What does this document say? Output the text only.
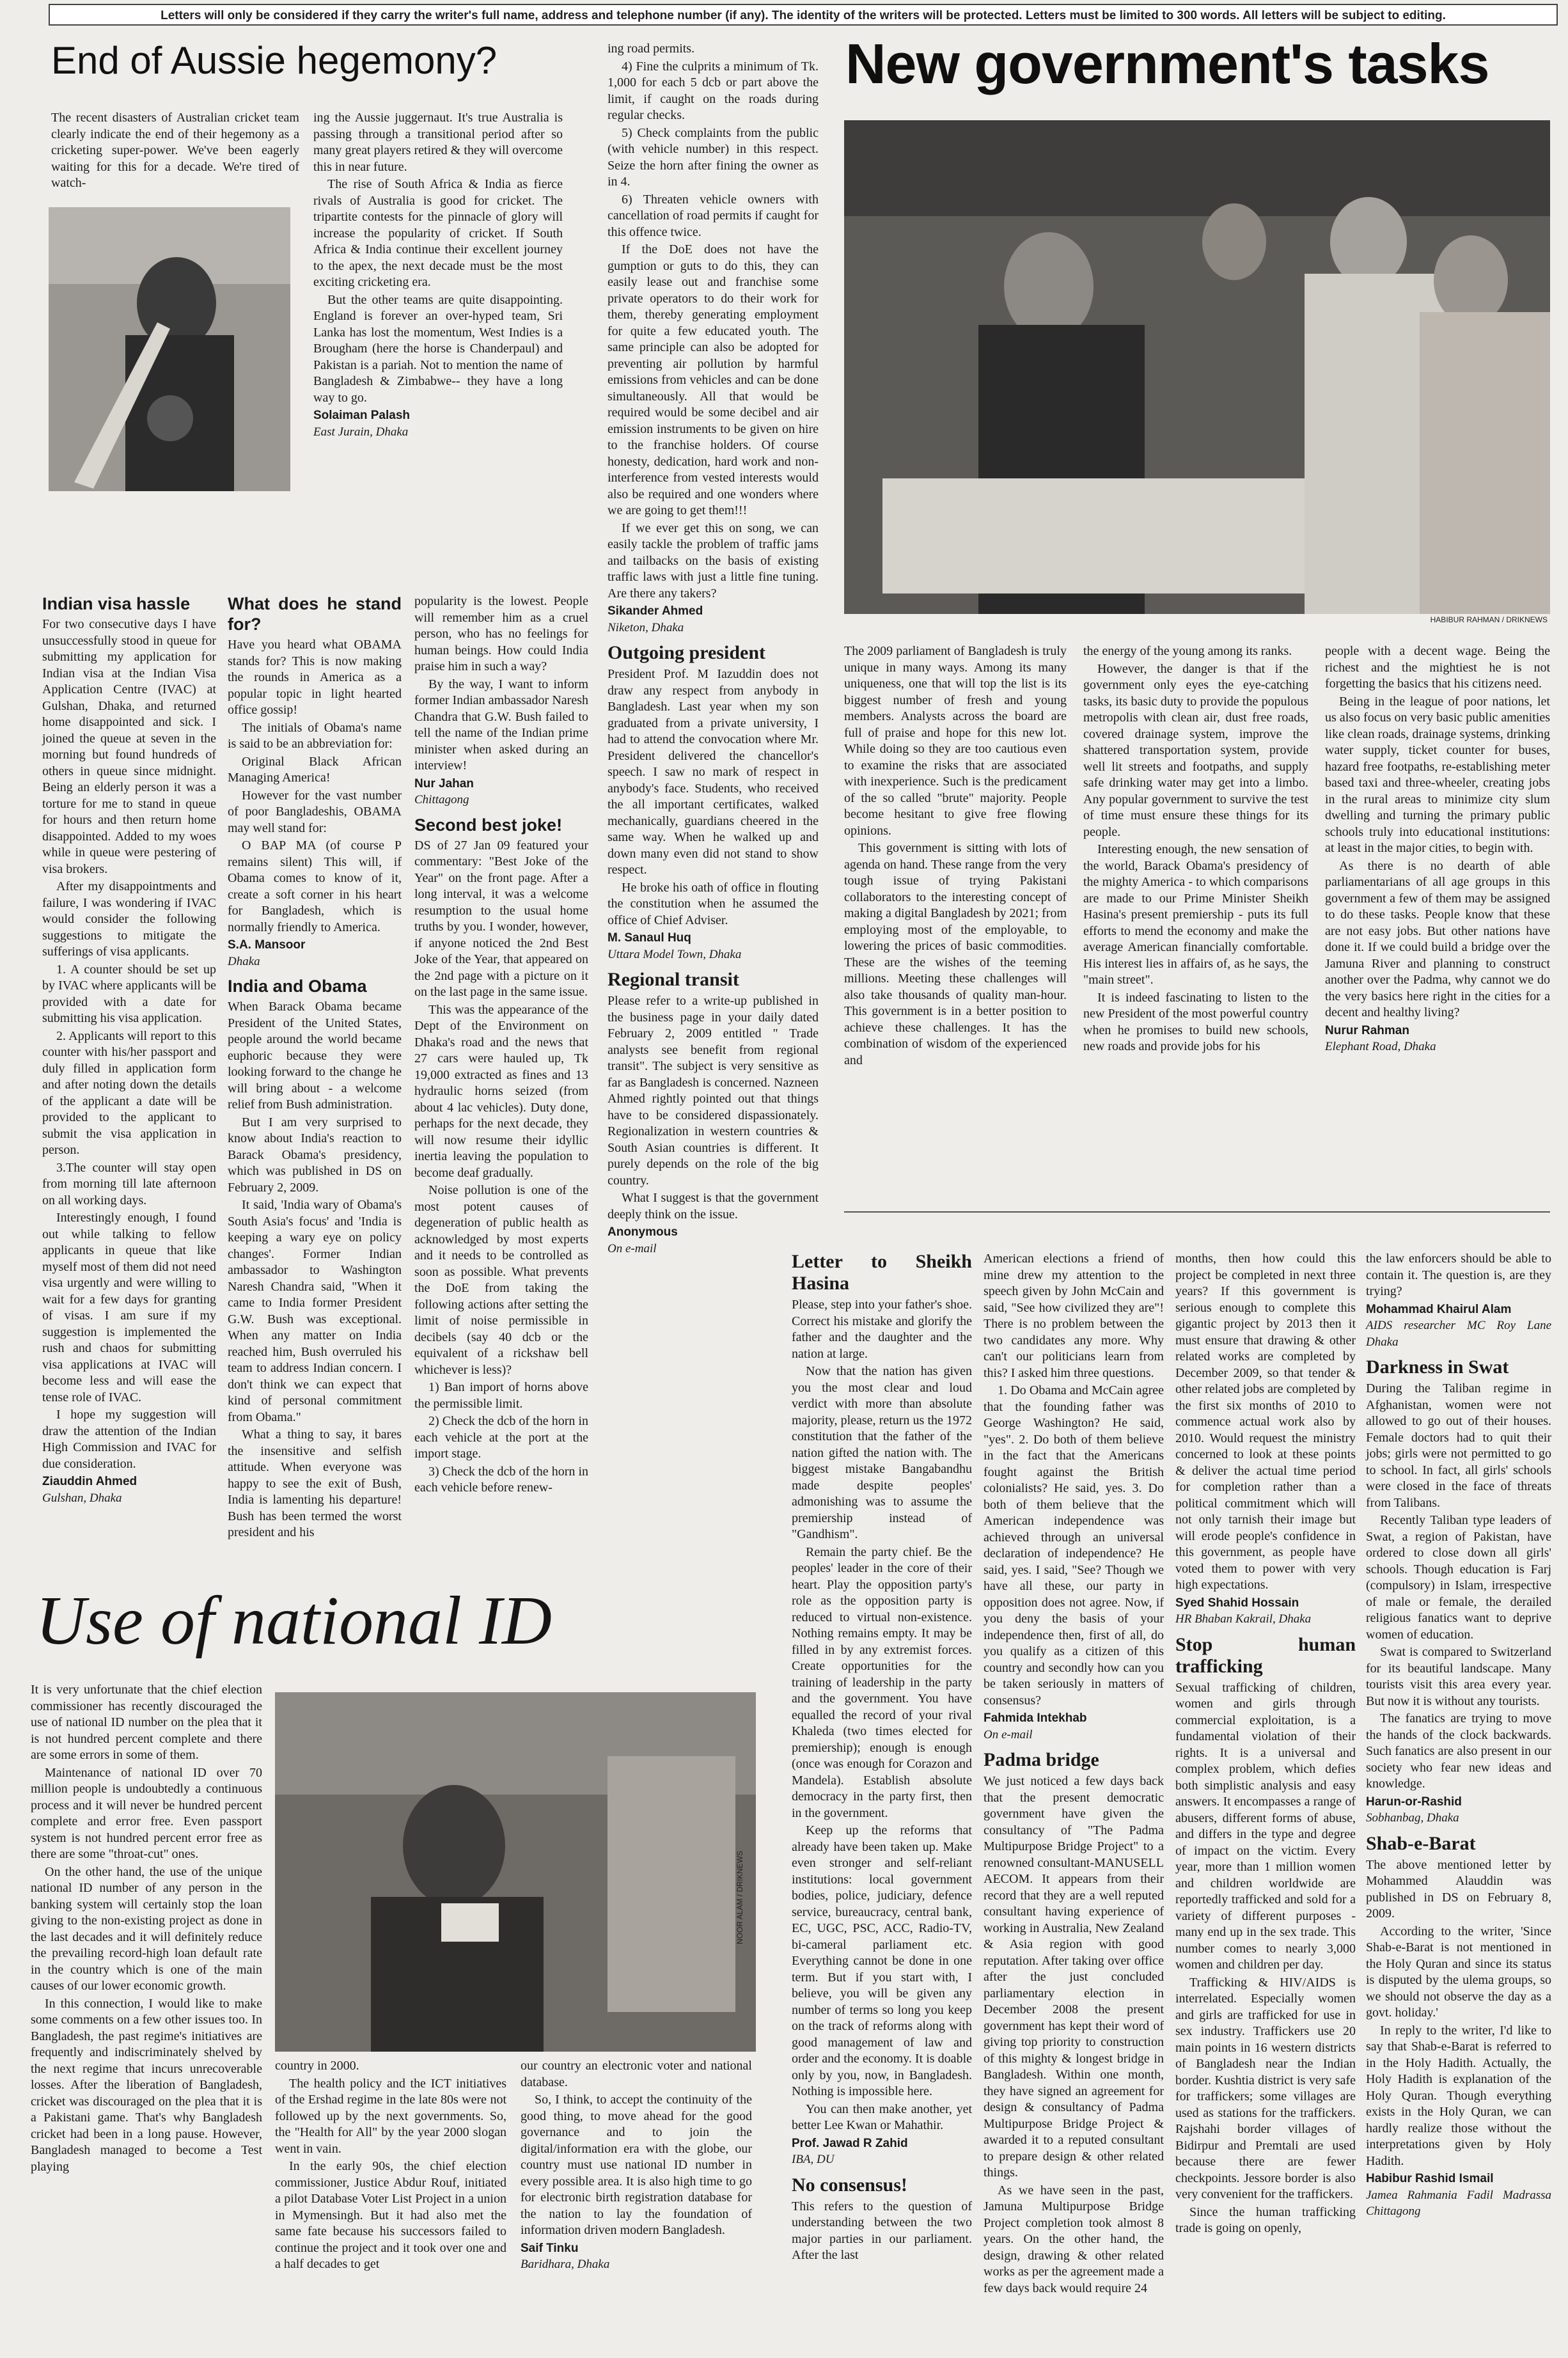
Letters will only be considered if they carry the writer's full name, address and telephone number (if any). The identity of the writers will be protected. Letters must be limited to 300 words. All letters will be subject to editing.
End of Aussie hegemony?

The recent disasters of Australian cricket team clearly indicate the end of their hegemony as a cricketing super-power. We've been eagerly waiting for this for a decade. We're tired of watch-

ing the Aussie juggernaut. It's true Australia is passing through a transitional period after so many great players retired & they will overcome this in near future.

The rise of South Africa & India as fierce rivals of Australia is good for cricket. The tripartite contests for the pinnacle of glory will increase the popularity of cricket. If South Africa & India continue their excellent journey to the apex, the next decade must be the most exciting cricketing era.

But the other teams are quite disappointing. England is forever an over-hyped team, Sri Lanka has lost the momentum, West Indies is a Brougham (here the horse is Chanderpaul) and Pakistan is a pariah. Not to mention the name of Bangladesh & Zimbabwe-- they have a long way to go.

Solaiman Palash
East Jurain, Dhaka

ing road permits.

4) Fine the culprits a minimum of Tk. 1,000 for each 5 dcb or part above the limit, if caught on the roads during regular checks.

5) Check complaints from the public (with vehicle number) in this respect. Seize the horn after fining the owner as in 4.

6) Threaten vehicle owners with cancellation of road permits if caught for this offence twice.

If the DoE does not have the gumption or guts to do this, they can easily lease out and franchise some private operators to do their work for them, thereby generating employment for quite a few educated youth. The same principle can also be adopted for preventing air pollution by harmful emissions from vehicles and can be done simultaneously. All that would be required would be some decibel and air emission instruments to be given on hire to the franchise holders. Of course honesty, dedication, hard work and non-interference from vested interests would also be required and one wonders where we are going to get them!!!

If we ever get this on song, we can easily tackle the problem of traffic jams and tailbacks on the basis of existing traffic laws with just a little fine tuning. Are there any takers?

Sikander Ahmed
Niketon, Dhaka
Outgoing president

President Prof. M Iazuddin does not draw any respect from anybody in Bangladesh. Last year when my son graduated from a private university, I had to attend the convocation where Mr. President delivered the chancellor's speech. I saw no mark of respect in anybody's face. Students, who received the all important certificates, walked mechanically, guardians cheered in the same way. When he walked up and down many even did not stand to show respect.

He broke his oath of office in flouting the constitution when he assumed the office of Chief Adviser.

M. Sanaul Huq
Uttara Model Town, Dhaka
Regional transit

Please refer to a write-up published in the business page in your daily dated February 2, 2009 entitled " Trade analysts see benefit from regional transit". The subject is very sensitive as far as Bangladesh is concerned. Nazneen Ahmed rightly pointed out that things have to be considered dispassionately. Regionalization in western countries & South Asian countries is different. It purely depends on the role of the big country.

What I suggest is that the government deeply think on the issue.

Anonymous
On e-mail
New government's tasks
HABIBUR RAHMAN / DRIKNEWS

The 2009 parliament of Bangladesh is truly unique in many ways. Among its many uniqueness, one that will top the list is its biggest number of fresh and young members. Analysts across the board are full of praise and hope for this new lot. While doing so they are too cautious even to examine the risks that are associated with inexperience. Such is the predicament of the so called "brute" majority. People become hesitant to give free flowing opinions.

This government is sitting with lots of agenda on hand. These range from the very tough issue of trying Pakistani collaborators to the interesting concept of making a digital Bangladesh by 2021; from employing most of the employable, to lowering the prices of basic commodities. These are the wishes of the teeming millions. Meeting these challenges will also take thousands of quality man-hour. This government is in a better position to achieve these challenges. It has the combination of wisdom of the experienced and

the energy of the young among its ranks.

However, the danger is that if the government only eyes the eye-catching tasks, its basic duty to provide the populous metropolis with clean air, dust free roads, covered drainage system, improve the shattered transportation system, provide well lit streets and footpaths, and supply safe drinking water may get into a limbo. Any popular government to survive the test of time must ensure these things for its people.

Interesting enough, the new sensation of the world, Barack Obama's presidency of the mighty America - to which comparisons are made to our Prime Minister Sheikh Hasina's present premiership - puts its full efforts to mend the economy and make the average American financially comfortable. His interest lies in affairs of, as he says, the "main street".

It is indeed fascinating to listen to the new President of the most powerful country when he promises to build new schools, new roads and provide jobs for his

people with a decent wage. Being the richest and the mightiest he is not forgetting the basics that his citizens need.

Being in the league of poor nations, let us also focus on very basic public amenities like clean roads, drainage systems, drinking water supply, ticket counter for buses, hazard free footpaths, re-establishing meter based taxi and three-wheeler, creating jobs in the rural areas to minimize city slum dwelling and turning the primary public schools truly into educational institutions: at least in the major cities, to begin with.

As there is no dearth of able parliamentarians of all age groups in this government a few of them may be assigned to do these tasks. People know that these are not easy jobs. But other nations have done it. If we could build a bridge over the Jamuna River and planning to construct another over the Padma, why cannot we do the very basics here right in the cities for a decent and healthy living?

Nurur Rahman
Elephant Road, Dhaka
Indian visa hassle

For two consecutive days I have unsuccessfully stood in queue for submitting my application for Indian visa at the Indian Visa Application Centre (IVAC) at Gulshan, Dhaka, and returned home disappointed and sick. I joined the queue at seven in the morning but found hundreds of others in queue since midnight. Being an elderly person it was a torture for me to stand in queue for hours and then return home disappointed. Added to my woes while in queue were pestering of visa brokers.

After my disappointments and failure, I was wondering if IVAC would consider the following suggestions to mitigate the sufferings of visa applicants.

1. A counter should be set up by IVAC where applicants will be provided with a date for submitting his visa application.

2. Applicants will report to this counter with his/her passport and duly filled in application form and after noting down the details of the applicant a date will be provided to the applicant to submit the visa application in person.

3.The counter will stay open from morning till late afternoon on all working days.

Interestingly enough, I found out while talking to fellow applicants in queue that like myself most of them did not need visa urgently and were willing to wait for a few days for granting of visas. I am sure if my suggestion is implemented the rush and chaos for submitting visa applications at IVAC will become less and will ease the tense role of IVAC.

I hope my suggestion will draw the attention of the Indian High Commission and IVAC for due consideration.

Ziauddin Ahmed
Gulshan, Dhaka
What does he stand for?

Have you heard what OBAMA stands for? This is now making the rounds in America as a popular topic in light hearted office gossip!

The initials of Obama's name is said to be an abbreviation for:

Original Black African Managing America!

However for the vast number of poor Bangladeshis, OBAMA may well stand for:

O BAP MA (of course P remains silent) This will, if Obama comes to know of it, create a soft corner in his heart for Bangladesh, which is normally friendly to America.

S.A. Mansoor
Dhaka
India and Obama

When Barack Obama became President of the United States, people around the world became euphoric because they were looking forward to the change he will bring about - a welcome relief from Bush administration.

But I am very surprised to know about India's reaction to Barack Obama's presidency, which was published in DS on February 2, 2009.

It said, 'India wary of Obama's South Asia's focus' and 'India is keeping a wary eye on policy changes'. Former Indian ambassador to Washington Naresh Chandra said, "When it came to India former President G.W. Bush was exceptional. When any matter on India reached him, Bush overruled his team to address Indian concern. I don't think we can expect that kind of personal commitment from Obama."

What a thing to say, it bares the insensitive and selfish attitude. When everyone was happy to see the exit of Bush, India is lamenting his departure! Bush has been termed the worst president and his

popularity is the lowest. People will remember him as a cruel person, who has no feelings for human beings. How could India praise him in such a way?

By the way, I want to inform former Indian ambassador Naresh Chandra that G.W. Bush failed to tell the name of the Indian prime minister when asked during an interview!

Nur Jahan
Chittagong
Second best joke!

DS of 27 Jan 09 featured your commentary: "Best Joke of the Year" on the front page. After a long interval, it was a welcome resumption to the usual home truths by you. I wonder, however, if anyone noticed the 2nd Best Joke of the Year, that appeared on the 2nd page with a picture on it on the last page in the same issue.

This was the appearance of the Dept of the Environment on Dhaka's road and the news that 27 cars were hauled up, Tk 19,000 extracted as fines and 13 hydraulic horns seized (from about 4 lac vehicles). Duty done, perhaps for the next decade, they will now resume their idyllic inertia leaving the population to become deaf gradually.

Noise pollution is one of the most potent causes of degeneration of public health as acknowledged by most experts and it needs to be controlled as soon as possible. What prevents the DoE from taking the following actions after setting the limit of noise permissible in decibels (say 40 dcb or the equivalent of a rickshaw bell whichever is less)?

1) Ban import of horns above the permissible limit.

2) Check the dcb of the horn in each vehicle at the port at the import stage.

3) Check the dcb of the horn in each vehicle before renew-

Use of national ID

It is very unfortunate that the chief election commissioner has recently discouraged the use of national ID number on the plea that it is not hundred percent complete and there are some errors in some of them.

Maintenance of national ID over 70 million people is undoubtedly a continuous process and it will never be hundred percent complete and error free. Even passport system is not hundred percent error free as there are some "throat-cut" ones.

On the other hand, the use of the unique national ID number of any person in the banking system will certainly stop the loan giving to the non-existing project as done in the last decades and it will definitely reduce the prevailing record-high loan default rate in the country which is one of the main causes of our lower economic growth.

In this connection, I would like to make some comments on a few other issues too. In Bangladesh, the past regime's initiatives are frequently and indiscriminately shelved by the next regime that incurs unrecoverable losses. After the liberation of Bangladesh, cricket was discouraged on the plea that it is a Pakistani game. That's why Bangladesh cricket had been in a long pause. However, Bangladesh managed to become a Test playing

NOOR ALAM / DRIKNEWS

country in 2000.

The health policy and the ICT initiatives of the Ershad regime in the late 80s were not followed up by the next governments. So, the "Health for All" by the year 2000 slogan went in vain.

In the early 90s, the chief election commissioner, Justice Abdur Rouf, initiated a pilot Database Voter List Project in a union in Mymensingh. But it had also met the same fate because his successors failed to continue the project and it took over one and a half decades to get

our country an electronic voter and national database.

So, I think, to accept the continuity of the good thing, to move ahead for the good governance and to join the digital/information era with the globe, our country must use national ID number in every possible area. It is also high time to go for electronic birth registration database for the nation to lay the foundation of information driven modern Bangladesh.

Saif Tinku
Baridhara, Dhaka
Letter to Sheikh Hasina

Please, step into your father's shoe. Correct his mistake and glorify the father and the daughter and the nation at large.

Now that the nation has given you the most clear and loud verdict with more than absolute majority, please, return us the 1972 constitution that the father of the nation gifted the nation with. The biggest mistake Bangabandhu made despite peoples' admonishing was to assume the premiership instead of "Gandhism".

Remain the party chief. Be the peoples' leader in the core of their heart. Play the opposition party's role as the opposition party is reduced to virtual non-existence. Nothing remains empty. It may be filled in by any extremist forces. Create opportunities for the training of leadership in the party and the government. You have equalled the record of your rival Khaleda (two times elected for premiership); enough is enough (once was enough for Corazon and Mandela). Establish absolute democracy in the party first, then in the government.

Keep up the reforms that already have been taken up. Make even stronger and self-reliant institutions: local government bodies, police, judiciary, defence service, bureaucracy, central bank, EC, UGC, PSC, ACC, Radio-TV, bi-cameral parliament etc. Everything cannot be done in one term. But if you start with, I believe, you will be given any number of terms so long you keep on the track of reforms along with good management of law and order and the economy. It is doable only by you, now, in Bangladesh. Nothing is impossible here.

You can then make another, yet better Lee Kwan or Mahathir.

Prof. Jawad R Zahid
IBA, DU
No consensus!

This refers to the question of understanding between the two major parties in our parliament. After the last

American elections a friend of mine drew my attention to the speech given by John McCain and said, "See how civilized they are"! There is no problem between the two candidates any more. Why can't our politicians learn from this? I asked him three questions.

1. Do Obama and McCain agree that the founding father was George Washington? He said, "yes". 2. Do both of them believe in the fact that the Americans fought against the British colonialists? He said, yes. 3. Do both of them believe that the American independence was achieved through an universal declaration of independence? He said, yes. I said, "See? Though we have all these, our party in opposition does not agree. Now, if you deny the basis of your independence then, first of all, do you qualify as a citizen of this country and secondly how can you be taken seriously in matters of consensus?

Fahmida Intekhab
On e-mail
Padma bridge

We just noticed a few days back that the present democratic government have given the consultancy of "The Padma Multipurpose Bridge Project" to a renowned consultant-MANUSELL AECOM. It appears from their record that they are a well reputed consultant having experience of working in Australia, New Zealand & Asia region with good reputation. After taking over office after the just concluded parliamentary election in December 2008 the present government has kept their word of giving top priority to construction of this mighty & longest bridge in Bangladesh. Within one month, they have signed an agreement for design & consultancy of Padma Multipurpose Bridge Project & awarded it to a reputed consultant to prepare design & other related things.

As we have seen in the past, Jamuna Multipurpose Bridge Project completion took almost 8 years. On the other hand, the design, drawing & other related works as per the agreement made a few days back would require 24

months, then how could this project be completed in next three years? If this government is serious enough to complete this gigantic project by 2013 then it must ensure that drawing & other related works are completed by December 2009, so that tender & other related jobs are completed by the first six months of 2010 to commence actual work also by 2010. Would request the ministry concerned to look at these points & deliver the actual time period for completion rather than a political commitment which will not only tarnish their image but will erode people's confidence in this government, as people have voted them to power with very high expectations.

Syed Shahid Hossain
HR Bhaban Kakrail, Dhaka
Stop human trafficking

Sexual trafficking of children, women and girls through commercial exploitation, is a fundamental violation of their rights. It is a universal and complex problem, which defies both simplistic analysis and easy answers. It encompasses a range of abusers, different forms of abuse, and differs in the type and degree of impact on the victim. Every year, more than 1 million women and children worldwide are reportedly trafficked and sold for a variety of different purposes - many end up in the sex trade. This number comes to nearly 3,000 women and children per day.

Trafficking & HIV/AIDS is interrelated. Especially women and girls are trafficked for use in sex industry. Traffickers use 20 main points in 16 western districts of Bangladesh near the Indian border. Kushtia district is very safe for traffickers; some villages are used as stations for the traffickers. Rajshahi border villages of Bidirpur and Premtali are used because there are fewer checkpoints. Jessore border is also very convenient for the traffickers.

Since the human trafficking trade is going on openly,

the law enforcers should be able to contain it. The question is, are they trying?

Mohammad Khairul Alam
AIDS researcher MC Roy Lane Dhaka
Darkness in Swat

During the Taliban regime in Afghanistan, women were not allowed to go out of their houses. Female doctors had to quit their jobs; girls were not permitted to go to school. In fact, all girls' schools were closed in the face of threats from Talibans.

Recently Taliban type leaders of Swat, a region of Pakistan, have ordered to close down all girls' schools. Though education is Farj (compulsory) in Islam, irrespective of male or female, the derailed religious fanatics want to deprive women of education.

Swat is compared to Switzerland for its beautiful landscape. Many tourists visit this area every year. But now it is without any tourists.

The fanatics are trying to move the hands of the clock backwards. Such fanatics are also present in our society who fear new ideas and knowledge.

Harun-or-Rashid
Sobhanbag, Dhaka
Shab-e-Barat

The above mentioned letter by Mohammed Alauddin was published in DS on February 8, 2009.

According to the writer, 'Since Shab-e-Barat is not mentioned in the Holy Quran and since its status is disputed by the ulema groups, so we should not observe the day as a govt. holiday.'

In reply to the writer, I'd like to say that Shab-e-Barat is referred to in the Holy Hadith. Actually, the Holy Hadith is explanation of the Holy Quran. Though everything exists in the Holy Quran, we can hardly realize those without the interpretations given by Holy Hadith.

Habibur Rashid Ismail
Jamea Rahmania Fadil Madrassa Chittagong
